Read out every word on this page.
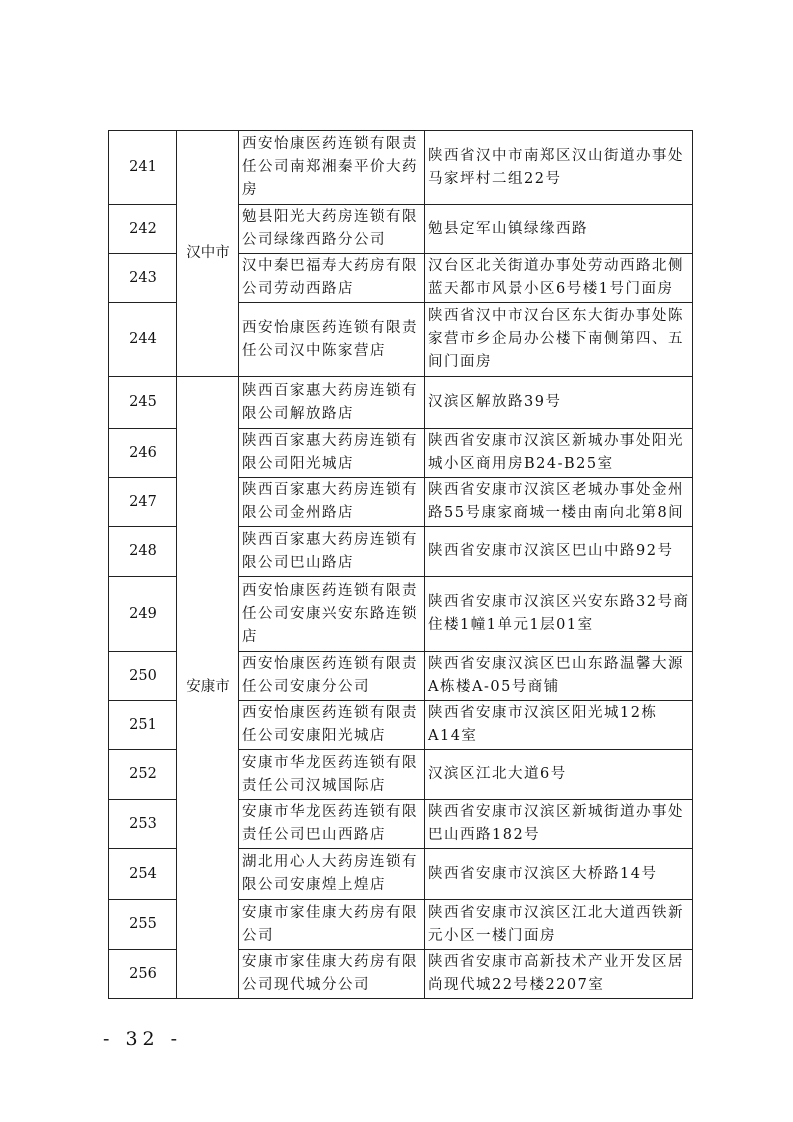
241	汉中市	西安怡康医药连锁有限责任公司南郑湘秦平价大药房	陕西省汉中市南郑区汉山街道办事处马家坪村二组22号
242		勉县阳光大药房连锁有限公司绿缘西路分公司	勉县定军山镇绿缘西路
243		汉中秦巴福寿大药房有限公司劳动西路店	汉台区北关街道办事处劳动西路北侧蓝天都市风景小区6号楼1号门面房
244		西安怡康医药连锁有限责任公司汉中陈家营店	陕西省汉中市汉台区东大街办事处陈家营市乡企局办公楼下南侧第四、五间门面房
245	安康市	陕西百家惠大药房连锁有限公司解放路店	汉滨区解放路39号
246		陕西百家惠大药房连锁有限公司阳光城店	陕西省安康市汉滨区新城办事处阳光城小区商用房B24-B25室
247		陕西百家惠大药房连锁有限公司金州路店	陕西省安康市汉滨区老城办事处金州路55号康家商城一楼由南向北第8间
248		陕西百家惠大药房连锁有限公司巴山路店	陕西省安康市汉滨区巴山中路92号
249		西安怡康医药连锁有限责任公司安康兴安东路连锁店	陕西省安康市汉滨区兴安东路32号商住楼1幢1单元1层01室
250		西安怡康医药连锁有限责任公司安康分公司	陕西省安康汉滨区巴山东路温馨大源A栋楼A-05号商铺
251		西安怡康医药连锁有限责任公司安康阳光城店	陕西省安康市汉滨区阳光城12栋A14室
252		安康市华龙医药连锁有限责任公司汉城国际店	汉滨区江北大道6号
253		安康市华龙医药连锁有限责任公司巴山西路店	陕西省安康市汉滨区新城街道办事处巴山西路182号
254		湖北用心人大药房连锁有限公司安康煌上煌店	陕西省安康市汉滨区大桥路14号
255		安康市家佳康大药房有限公司	陕西省安康市汉滨区江北大道西铁新元小区一楼门面房
256		安康市家佳康大药房有限公司现代城分公司	陕西省安康市高新技术产业开发区居尚现代城22号楼2207室
- 32 -
